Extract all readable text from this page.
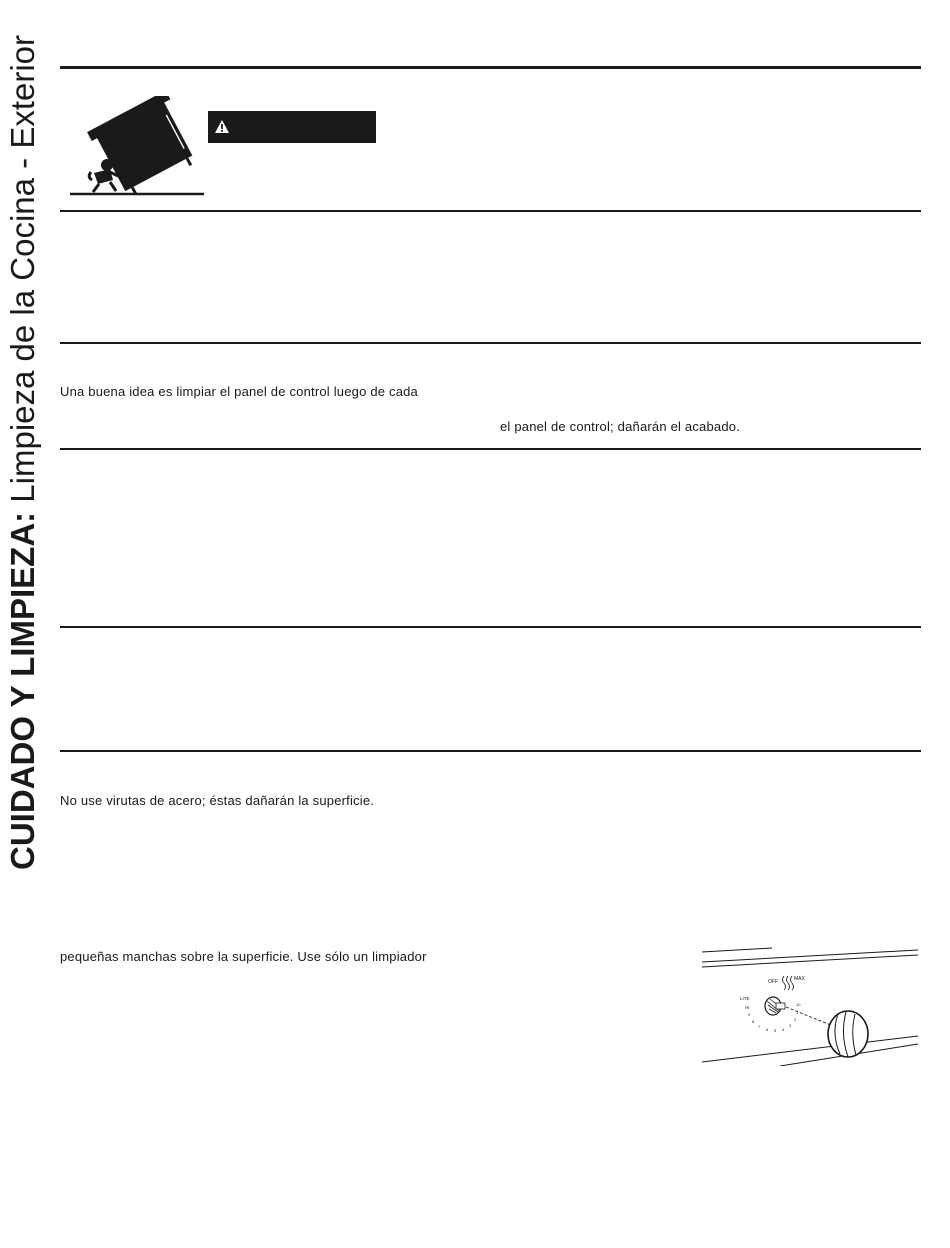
CUIDADO Y LIMPIEZA: Limpieza de la Cocina - Exterior Una buena idea es limpiar el panel de control luego de cada
el panel de control; dañarán el acabado.
No use virutas de acero; éstas dañarán la superficie.
pequeñas manchas sobre la superficie. Use sólo un limpiador
OFF	MAX
LITE
HI
10
9
8
7
6 5 4
3
2
1
